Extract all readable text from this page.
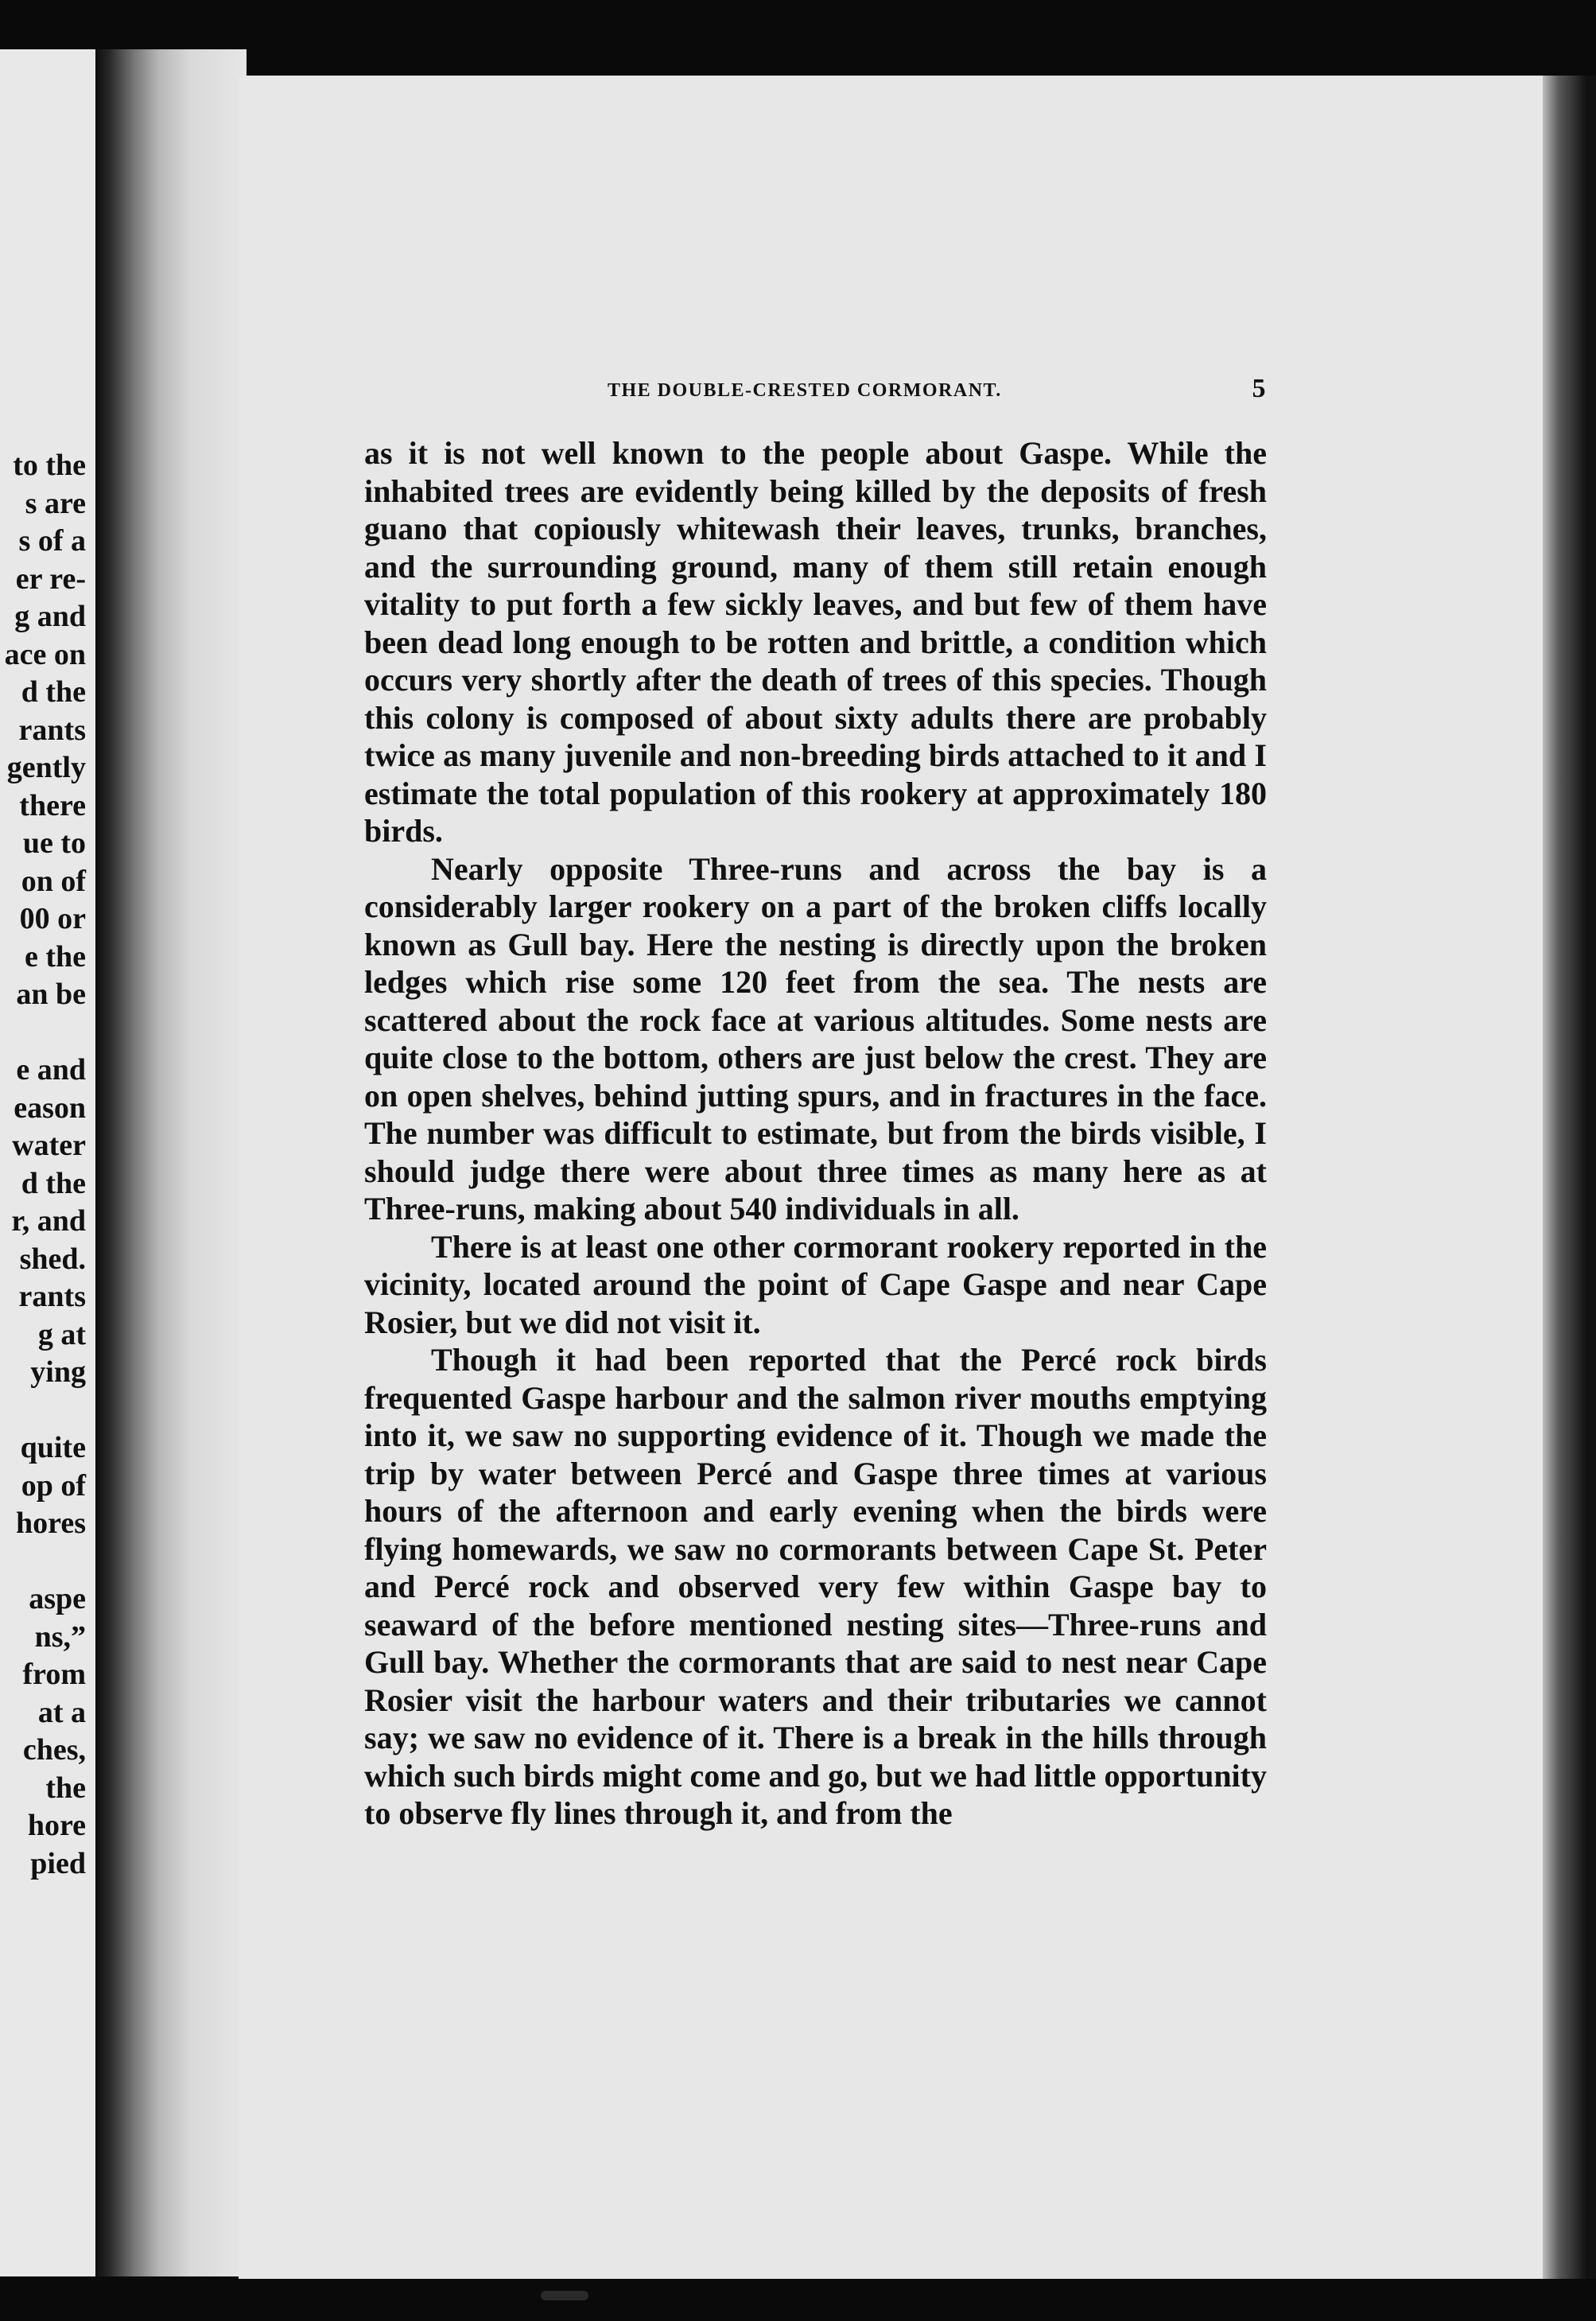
to the
s are
s of a
er re-
g and
ace on
d the
rants
gently
there
ue to
on of
00 or
e the
an be
e and
eason
water
d the
r, and
shed.
rants
g at
ying
quite
op of
hores
aspe
ns,”
from
at a
ches,
the
hore
pied
THE DOUBLE-CRESTED CORMORANT.	5

as it is not well known to the people about Gaspe. While the inhabited trees are evidently being killed by the deposits of fresh guano that copiously whitewash their leaves, trunks, branches, and the surrounding ground, many of them still retain enough vitality to put forth a few sickly leaves, and but few of them have been dead long enough to be rotten and brittle, a condition which occurs very shortly after the death of trees of this species. Though this colony is composed of about sixty adults there are probably twice as many juvenile and non-breeding birds attached to it and I estimate the total population of this rookery at approximately 180 birds.

Nearly opposite Three-runs and across the bay is a considerably larger rookery on a part of the broken cliffs locally known as Gull bay. Here the nesting is directly upon the broken ledges which rise some 120 feet from the sea. The nests are scattered about the rock face at various altitudes. Some nests are quite close to the bottom, others are just below the crest. They are on open shelves, behind jutting spurs, and in fractures in the face. The number was difficult to estimate, but from the birds visible, I should judge there were about three times as many here as at Three-runs, making about 540 individuals in all.

There is at least one other cormorant rookery reported in the vicinity, located around the point of Cape Gaspe and near Cape Rosier, but we did not visit it.

Though it had been reported that the Percé rock birds frequented Gaspe harbour and the salmon river mouths emptying into it, we saw no supporting evidence of it. Though we made the trip by water between Percé and Gaspe three times at various hours of the afternoon and early evening when the birds were flying homewards, we saw no cormorants between Cape St. Peter and Percé rock and observed very few within Gaspe bay to seaward of the before mentioned nesting sites—Three-runs and Gull bay. Whether the cormorants that are said to nest near Cape Rosier visit the harbour waters and their tributaries we cannot say; we saw no evidence of it. There is a break in the hills through which such birds might come and go, but we had little opportunity to observe fly lines through it, and from the
